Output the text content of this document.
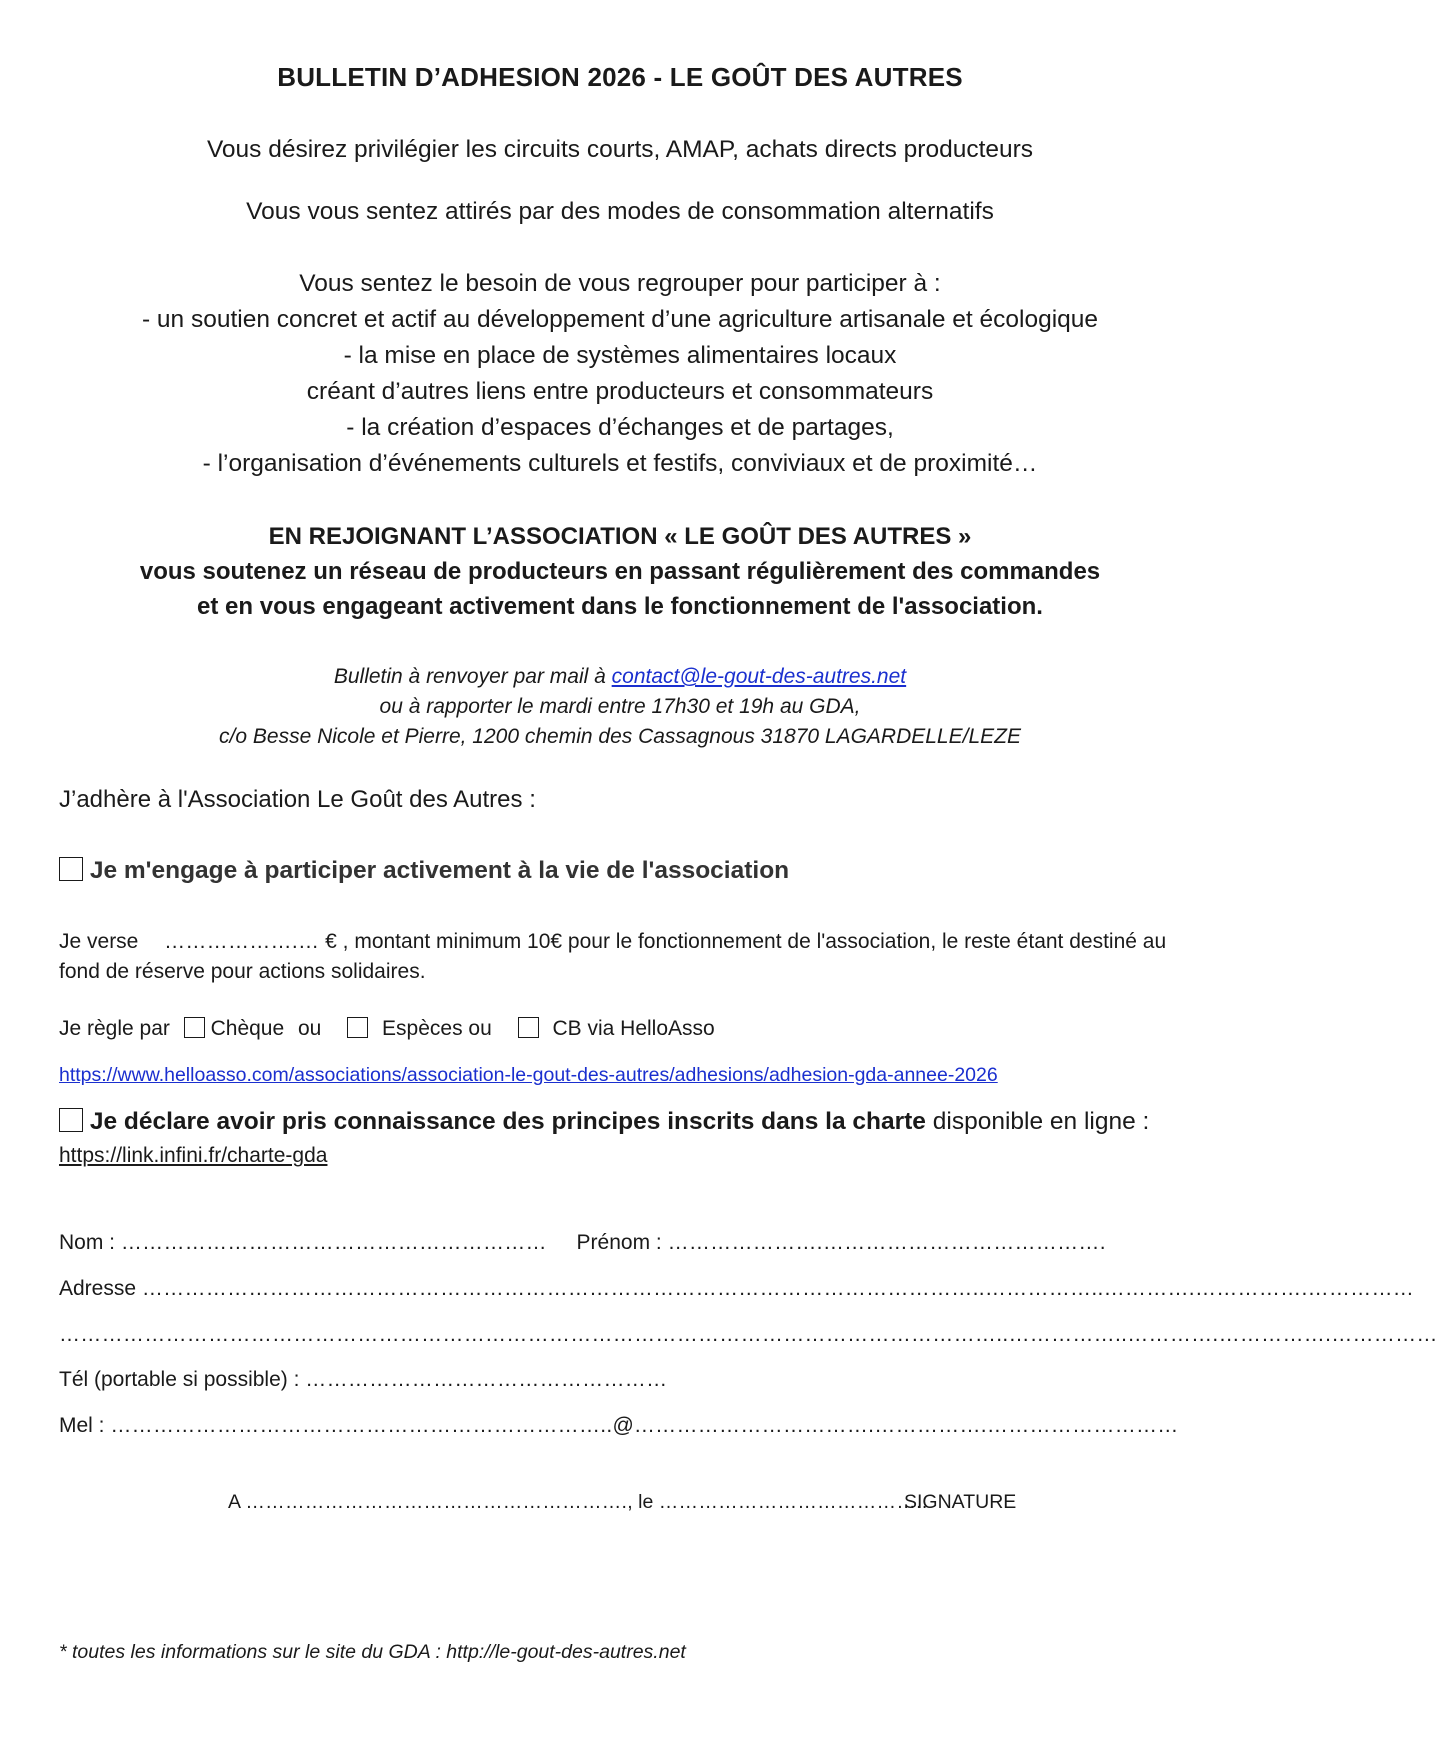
BULLETIN D’ADHESION 2026 - LE GOÛT DES AUTRES
Vous désirez privilégier les circuits courts, AMAP, achats directs producteurs
Vous vous sentez attirés par des modes de consommation alternatifs
Vous sentez le besoin de vous regrouper pour participer à :
- un soutien concret et actif au développement d’une agriculture artisanale et écologique
- la mise en place de systèmes alimentaires locaux
créant d’autres liens entre producteurs et consommateurs
- la création d’espaces d’échanges et de partages,
- l’organisation d’événements culturels et festifs, conviviaux et de proximité…
EN REJOIGNANT L’ASSOCIATION « LE GOÛT DES AUTRES »
vous soutenez un réseau de producteurs en passant régulièrement des commandes
et en vous engageant activement dans le fonctionnement de l'association.
Bulletin à renvoyer par mail à contact@le-gout-des-autres.net
ou à rapporter le mardi entre 17h30 et 19h au GDA,
c/o Besse Nicole et Pierre, 1200 chemin des Cassagnous 31870 LAGARDELLE/LEZE
J’adhère à l'Association Le Goût des Autres :
Je m'engage à participer activement à la vie de l'association
Je verse ……………….… € , montant minimum 10€ pour le fonctionnement de l'association, le reste étant destiné au
fond de réserve pour actions solidaires.
Je règle par Chèque ou	Espèces ou	CB via HelloAsso
https://www.helloasso.com/associations/association-le-gout-des-autres/adhesions/adhesion-gda-annee-2026
Je déclare avoir pris connaissance des principes inscrits dans la charte disponible en ligne :
https://link.infini.fr/charte-gda
Nom : …………………………………………………… Prénom : ………………….………………………………….
Adresse ………………………………………………………………………………………………………..……………..………….…………….……………
……………………………………………………………………………………………………………………..……………..………….…………….……………
Tél (portable si possible) : ……………………………………………
Mel : ……………………………………………………………..@…………………………….…………….………………………
A …………………………………………………., le …………………………………..
SIGNATURE
* toutes les informations sur le site du GDA : http://le-gout-des-autres.net
